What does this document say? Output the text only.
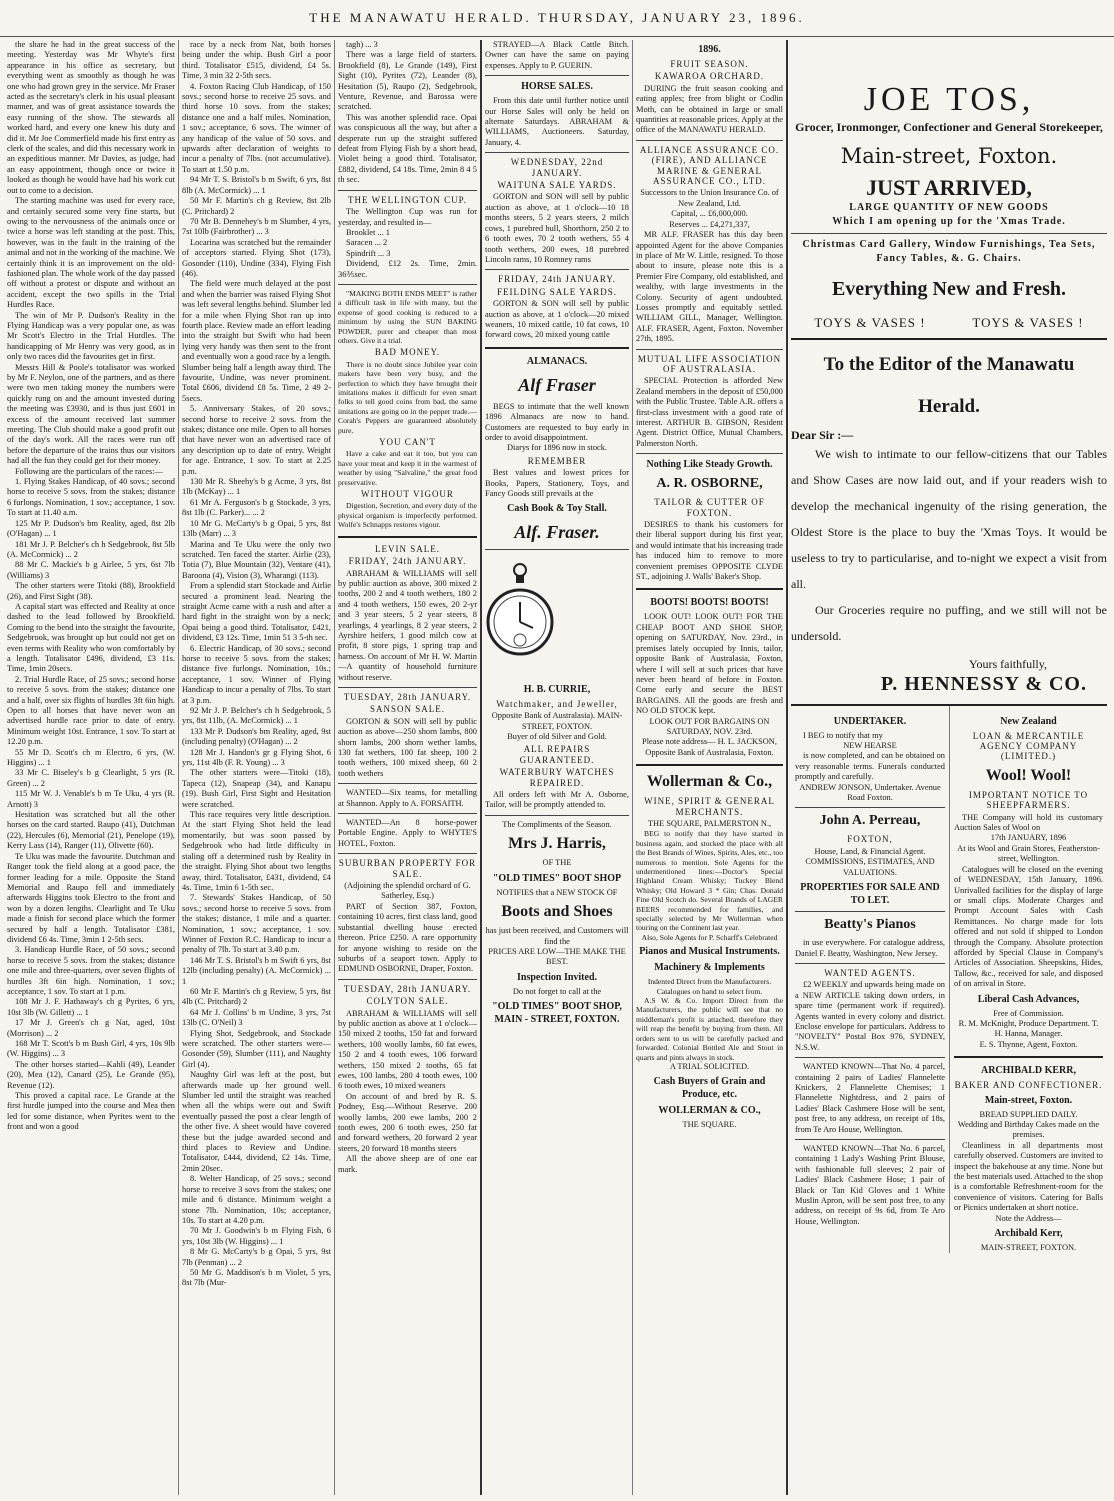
THE MANAWATU HERALD. THURSDAY, JANUARY 23, 1896.

the share he had in the great success of the meeting. Yesterday was Mr Whyte's first appearance in his office as secretary, but everything went as smoothly as though he was one who had grown grey in the service. Mr Fraser acted as the secretary's clerk in his usual pleasant manner, and was of great assistance towards the easy running of the show. The stewards all worked hard, and every one knew his duty and did it. Mr Joe Commerfield made his first entry as clerk of the scales, and did this necessary work in an expeditious manner. Mr Davies, as judge, had an easy appointment, though once or twice it looked as though he would have had his work cut out to come to a decision.

The starting machine was used for every race, and certainly secured some very fine starts, but owing to the nervousness of the animals once or twice a horse was left standing at the post. This, however, was in the fault in the training of the animal and not in the working of the machine. We certainly think it is an improvement on the old-fashioned plan. The whole work of the day passed off without a protest or dispute and without an accident, except the two spills in the Trial Hurdles Race.

The win of Mr P. Dudson's Reality in the Flying Handicap was a very popular one, as was Mr Scott's Electro in the Trial Hurdles. The handicapping of Mr Henry was very good, as in only two races did the favourites get in first.

Messrs Hill & Poole's totalisator was worked by Mr F. Neylon, one of the partners, and as there were two men taking money the numbers were quickly rung on and the amount invested during the meeting was £3930, and is thus just £601 in excess of the amount received last summer meeting. The Club should make a good profit out of the day's work. All the races were run off before the departure of the trains thus our visitors had all the fun they could get for their money.

Following are the particulars of the races:—

1. Flying Stakes Handicap, of 40 sovs.; second horse to receive 5 sovs. from the stakes; distance 6 furlongs. Nomination, 1 sov.; acceptance, 1 sov. To start at 11.40 a.m.

125 Mr P. Dudson's bm Reality, aged, 8st 2lb (O'Hagan) ... 1

181 Mr J. P. Belcher's ch h Sedgebrook, 8st 5lb (A. McCormick) ... 2

88 Mr C. Mackie's b g Airlee, 5 yrs, 6st 7lb (Williams) 3

The other starters were Titoki (88), Brookfield (26), and First Sight (38).

A capital start was effected and Reality at once dashed to the lead followed by Brookfield. Coming to the bend into the straight the favourite, Sedgebrook, was brought up but could not get on even terms with Reality who won comfortably by a length. Totalisator £496, dividend, £3 11s. Time, 1min 20secs.

2. Trial Hurdle Race, of 25 sovs.; second horse to receive 5 sovs. from the stakes; distance one and a half, over six flights of hurdles 3ft 6in high. Open to all horses that have never won an advertised hurdle race prior to date of entry. Minimum weight 10st. Entrance, 1 sov. To start at 12.20 p.m.

55 Mr D. Scott's ch m Electro, 6 yrs, (W. Higgins) ... 1

33 Mr C. Biseley's b g Clearlight, 5 yrs (R. Green) ... 2

115 Mr W. J. Venable's b m Te Uku, 4 yrs (R. Arnott) 3

Hesitation was scratched but all the other horses on the card started. Raupo (41), Dutchman (22), Hercules (6), Memorial (21), Penelope (19), Kerry Lass (14), Ranger (11), Olivette (60).

Te Uku was made the favourite. Dutchman and Ranger took the field along at a good pace, the former leading for a mile. Opposite the Stand Memorial and Raupo fell and immediately afterwards Higgins took Electro to the front and won by a dozen lengths. Clearlight and Te Uku made a finish for second place which the former secured by half a length. Totalisator £381, dividend £6 4s. Time, 3min 1 2-5th secs.

3. Handicap Hurdle Race, of 50 sovs.; second horse to receive 5 sovs. from the stakes; distance one mile and three-quarters, over seven flights of hurdles 3ft 6in high. Nomination, 1 sov.; acceptance, 1 sov. To start at 1 p.m.

108 Mr J. F. Hathaway's ch g Pyrites, 6 yrs, 10st 3lb (W. Gillett) ... 1

17 Mr J. Green's ch g Nat, aged, 10st (Morrison) ... 2

168 Mr T. Scott's b m Bush Girl, 4 yrs, 10s 9lb (W. Higgins) ... 3

The other horses started—Kahli (49), Leander (20), Mea (12), Canard (25), Le Grande (95), Revenue (12).

This proved a capital race. Le Grande at the first hurdle jumped into the course and Mea then led for some distance, when Pyrites went to the front and won a good

race by a neck from Nat, both horses being under the whip. Bush Girl a poor third. Totalisator £515, dividend, £4 5s. Time, 3 min 32 2-5th secs.

4. Foxton Racing Club Handicap, of 150 sovs.; second horse to receive 25 sovs. and third horse 10 sovs. from the stakes; distance one and a half miles. Nomination, 1 sov.; acceptance, 6 sovs. The winner of any handicap of the value of 50 sovs. and upwards after declaration of weights to incur a penalty of 7lbs. (not accumulative). To start at 1.50 p.m.

94 Mr T. S. Bristol's b m Swift, 6 yrs, 8st 8lb (A. McCormick) ... 1

50 Mr F. Martin's ch g Review, 8st 2lb (C. Pritchard) 2

70 Mr B. Dennehey's b m Slumber, 4 yrs, 7st 10lb (Fairbrother) ... 3

Locarina was scratched but the remainder of acceptors started. Flying Shot (173), Gosonder (110), Undine (334), Flying Fish (46).

The field were much delayed at the post and when the barrier was raised Flying Shot was left several lengths behind. Slumber led for a mile when Flying Shot ran up into fourth place. Review made an effort leading into the straight but Swift who had been lying very handy was then sent to the front and eventually won a good race by a length. Slumber being half a length away third. The favourite, Undine, was never prominent. Total £606, dividend £8 5s. Time, 2 49 2-5secs.

5. Anniversary Stakes, of 20 sovs.; second horse to receive 2 sovs. from the stakes; distance one mile. Open to all horses that have never won an advertised race of any description up to date of entry. Weight for age. Entrance, 1 sov. To start at 2.25 p.m.

130 Mr R. Sheehy's b g Acme, 3 yrs, 8st 1lb (McKay) ... 1

61 Mr A. Ferguson's b g Stockade, 3 yrs, 8st 1lb (C. Parker)... ... 2

10 Mr G. McCarty's b g Opai, 5 yrs, 8st 13lb (Marr) ... 3

Marina and Te Uku were the only two scratched. Ten faced the starter. Airlie (23), Totia (7), Blue Mountain (32), Ventare (41), Baroona (4), Vision (3), Wharangi (113).

From a splendid start Stockade and Airlie secured a prominent lead. Nearing the straight Acme came with a rush and after a hard fight in the straight won by a neck; Opai being a good third. Totalisator, £421, dividend, £3 12s. Time, 1min 51 3 5-th sec.

6. Electric Handicap, of 30 sovs.; second horse to receive 5 sovs. from the stakes; distance five furlongs. Nomination, 10s.; acceptance, 1 sov. Winner of Flying Handicap to incur a penalty of 7lbs. To start at 3 p.m.

92 Mr J. P. Belcher's ch h Sedgebrook, 5 yrs, 8st 11lb, (A. McCormick) ... 1

133 Mr P. Dudson's bm Reality, aged, 9st (including penalty) (O'Hagan) ... 2

128 Mr J. Handon's gr g Flying Shot, 6 yrs, 11st 4lb (F. R. Young) ... 3

The other starters were—Titoki (18), Tapeca (12), Snapeap (34), and Kanapu (19). Bush Girl, First Sight and Hesitation were scratched.

This race requires very little description. At the start Flying Shot held the lead momentarily, but was soon passed by Sedgebrook who had little difficulty in staling off a determined rush by Reality in the straight. Flying Shot about two lengths away, third. Totalisator, £431, dividend, £4 4s. Time, 1min 6 1-5th sec.

7. Stewards' Stakes Handicap, of 50 sovs.; second horse to receive 5 sovs. from the stakes; distance, 1 mile and a quarter. Nomination, 1 sov.; acceptance, 1 sov. Winner of Foxton R.C. Handicap to incur a penalty of 7lb. To start at 3.40 p.m.

146 Mr T. S. Bristol's b m Swift 6 yrs, 8st 12lb (including penalty) (A. McCormick) ... 1

60 Mr F. Martin's ch g Review, 5 yrs, 8st 4lb (C. Pritchard) 2

64 Mr J. Collins' b m Undine, 3 yrs, 7st 13lb (C. O'Neil) 3

Flying Shot, Sedgebrook, and Stockade were scratched. The other starters were—Gosonder (59), Slumber (111), and Naughty Girl (4).

Naughty Girl was left at the post, but afterwards made up her ground well. Slumber led until the straight was reached when all the whips were out and Swift eventually passed the post a clear length of the other five. A sheet would have covered these but the judge awarded second and third places to Review and Undine. Totalisator, £444, dividend, £2 14s. Time, 2min 20sec.

8. Welter Handicap, of 25 sovs.; second horse to receive 3 sovs from the stakes; one mile and 6 distance. Minimum weight a stone 7lb. Nomination, 10s; acceptance, 10s. To start at 4.20 p.m.

70 Mr J. Goodwin's b m Flying Fish, 6 yrs, 10st 3lb (W. Higgins) ... 1

8 Mr G. McCarty's b g Opai, 5 yrs, 9st 7lb (Penman) ... 2

50 Mr G. Maddison's b m Violet, 5 yrs, 8st 7lb (Mur-

tagh) ... 3

There was a large field of starters. Brookfield (8), Le Grande (149), First Sight (10), Pyrites (72), Leander (8), Hesitation (5), Raupo (2), Sedgebrook, Venture, Revenue, and Barossa were scratched.

This was another splendid race. Opai was conspicuous all the way, but after a desperate run up the straight suffered defeat from Flying Fish by a short head, Violet being a good third. Totalisator, £882, dividend, £4 18s. Time, 2min 8 4 5 th sec.

THE WELLINGTON CUP.

The Wellington Cup was run for yesterday, and resulted in—

Brooklet ... 1

Saracen ... 2

Spindrift ... 3

Dividend, £12 2s. Time, 2min. 36⅗sec.

"MAKING BOTH ENDS MEET" is rather a difficult task in life with many, but the expense of good cooking is reduced to a minimum by using the SUN BAKING POWDER, purer and cheaper than most others. Give it a trial.

BAD MONEY.

There is no doubt since Jubilee year coin makers have been very busy, and the perfection to which they have brought their imitations makes it difficult for even smart folks to tell good coins from bad, the same imitations are going on in the pepper trade.—Corah's Peppers are guaranteed absolutely pure.

YOU CAN'T

Have a cake and eat it too, but you can have your meat and keep it in the warmest of weather by using "Salvaline," the great food preservative.

WITHOUT VIGOUR

Digestion, Secretion, and every duty of the physical organism is imperfectly performed. Wolfe's Schnapps restores vigour.

LEVIN SALE.
FRIDAY, 24th JANUARY.

ABRAHAM & WILLIAMS will sell by public auction as above, 300 mixed 2 tooths, 200 2 and 4 tooth wethers, 180 2 and 4 tooth wethers, 150 ewes, 20 2-yr and 3 year steers, 5 2 year steers, 8 yearlings, 4 yearlings, 8 2 year steers, 2 Ayrshire heifers, 1 good milch cow at profit, 8 store pigs, 1 spring trap and harness. On account of Mr H. W. Martin—A quantity of household furniture without reserve.

TUESDAY, 28th JANUARY.
SANSON SALE.

GORTON & SON will sell by public auction as above—250 shorn lambs, 800 shorn lambs, 200 shorn wether lambs, 130 fat wethers, 100 fat sheep, 100 2 tooth wethers, 100 mixed sheep, 60 2 tooth wethers

WANTED—Six teams, for metalling at Shannon. Apply to A. FORSAITH.

WANTED—An 8 horse-power Portable Engine. Apply to WHYTE'S HOTEL, Foxton.

SUBURBAN PROPERTY FOR SALE.

(Adjoining the splendid orchard of G. Satherley, Esq.)

PART of Section 387, Foxton, containing 10 acres, first class land, good substantial dwelling house erected thereon. Price £250. A rare opportunity for anyone wishing to reside on the suburbs of a seaport town. Apply to EDMUND OSBORNE, Draper, Foxton.

TUESDAY, 28th JANUARY.
COLYTON SALE.

ABRAHAM & WILLIAMS will sell by public auction as above at 1 o'clock—150 mixed 2 tooths, 150 fat and forward wethers, 100 woolly lambs, 60 fat ewes, 150 2 and 4 tooth ewes, 106 forward wethers, 150 mixed 2 tooths, 65 fat ewes, 100 lambs, 280 4 tooth ewes, 100 6 tooth ewes, 10 mixed weaners

On account of and bred by R. S. Podney, Esq.—Without Reserve. 200 woolly lambs, 200 ewe lambs, 200 2 tooth ewes, 200 6 tooth ewes, 250 fat and forward wethers, 20 forward 2 year steers, 20 forward 18 months steers

All the above sheep are of one ear mark.

STRAYED—A Black Cattle Bitch. Owner can have the same on paying expenses. Apply to P. GUERIN.

HORSE SALES.

From this date until further notice until our Horse Sales will only be held on alternate Saturdays. ABRAHAM & WILLIAMS, Auctioneers. Saturday, January, 4.

WEDNESDAY, 22nd JANUARY.
WAITUNA SALE YARDS.

GORTON and SON will sell by public auction as above, at 1 o'clock—10 18 months steers, 5 2 years steers, 2 milch cows, 1 purebred bull, Shorthorn, 250 2 to 6 tooth ewes, 70 2 tooth wethers, 55 4 tooth wethers, 200 ewes, 18 purebred Lincoln rams, 10 Romney rams

FRIDAY, 24th JANUARY.
FEILDING SALE YARDS.

GORTON & SON will sell by public auction as above, at 1 o'clock—20 mixed weaners, 10 mixed cattle, 10 fat cows, 10 forward cows, 20 mixed young cattle

ALMANACS.
Alf Fraser

BEGS to intimate that the well known 1896 Almanacs are now to hand. Customers are requested to buy early in order to avoid disappointment.

Diarys for 1896 now in stock.

REMEMBER

Best values and lowest prices for Books, Papers, Stationery, Toys, and Fancy Goods still prevails at the

Cash Book & Toy Stall.
Alf. Fraser.
H. B. CURRIE,
Watchmaker, and Jeweller,

Opposite Bank of Australasia). MAIN-STREET, FOXTON.

Buyer of old Silver and Gold.

ALL REPAIRS GUARANTEED.
WATERBURY WATCHES REPAIRED.

All orders left with Mr A. Osborne, Tailor, will be promptly attended to.

The Compliments of the Season.

Mrs J. Harris,

OF THE

"OLD TIMES" BOOT SHOP

NOTIFIES that a NEW STOCK OF

Boots and Shoes

has just been received, and Customers will find the

PRICES ARE LOW—THE MAKE THE BEST.

Inspection Invited.

Do not forget to call at the

"OLD TIMES" BOOT SHOP, MAIN - STREET, FOXTON.
1896.
FRUIT SEASON.
KAWAROA ORCHARD.

DURING the fruit season cooking and eating apples; free from blight or Codlin Moth, can be obtained in large or small quantities at reasonable prices. Apply at the office of the MANAWATU HERALD.

ALLIANCE ASSURANCE CO. (FIRE), AND ALLIANCE MARINE & GENERAL ASSURANCE CO., LTD.

Successors to the Union Insurance Co. of New Zealand, Ltd.

Capital, ... £6,000,000.

Reserves ... £4,271,337,

MR ALF. FRASER has this day been appointed Agent for the above Companies in place of Mr W. Little, resigned. To those about to insure, please note this is a Premier Fire Company, old established, and wealthy, with large investments in the Colony. Security of agent undoubted. Losses promptly and equitably settled. WILLIAM GILL, Manager, Wellington. ALF. FRASER, Agent, Foxton. November 27th, 1895.

MUTUAL LIFE ASSOCIATION OF AUSTRALASIA.

SPECIAL Protection is afforded New Zealand members in the deposit of £50,000 with the Public Trustee. Table A.R. offers a first-class investment with a good rate of interest. ARTHUR B. GIBSON, Resident Agent. District Office, Mutual Chambers, Palmerston North.

Nothing Like Steady Growth.
A. R. OSBORNE,
TAILOR & CUTTER OF FOXTON.

DESIRES to thank his customers for their liberal support during his first year, and would intimate that his increasing trade has induced him to remove to more convenient premises OPPOSITE CLYDE ST., adjoining J. Walls' Baker's Shop.

BOOTS! BOOTS! BOOTS!

LOOK OUT! LOOK OUT! FOR THE CHEAP BOOT AND SHOE SHOP, opening on SATURDAY, Nov. 23rd., in premises lately occupied by Innis, tailor, opposite Bank of Australasia, Foxton, where I will sell at such prices that have never been heard of before in Foxton. Come early and secure the BEST BARGAINS. All the goods are fresh and NO OLD STOCK kept.

LOOK OUT FOR BARGAINS ON SATURDAY, NOV. 23rd.

Please note address— H. L. JACKSON, Opposite Bank of Australasia, Foxton.

Wollerman & Co.,
WINE, SPIRIT & GENERAL MERCHANTS.

THE SQUARE, PALMERSTON N.,

BEG to notify that they have started in business again, and stocked the place with all the Best Brands of Wines, Spirits, Ales, etc., too numerous to mention. Sole Agents for the undermentioned lines:—Doctor's Special Highland Cream Whisky; Tuckey Blend Whisky; Old Howard 3 * Gin; Chas. Donald Fine Old Scotch do. Several Brands of LAGER BEERS recommended for families, and specially selected by Mr Wollerman when touring on the Continent last year.

Also, Sole Agents for P. Scharff's Celebrated

Pianos and Musical Instruments.
Machinery & Implements

Indented Direct from the Manufacturers. Catalogues on hand to select from.

A.S W. & Co. Import Direct from the Manufacturers, the public will see that no middleman's profit is attached, therefore they will reap the benefit by buying from them. All orders sent to us will be carefully packed and forwarded. Colonial Bottled Ale and Stout in quarts and pints always in stock.

A TRIAL SOLICITED.

Cash Buyers of Grain and Produce, etc.
WOLLERMAN & CO.,

THE SQUARE.

JOE TOS,
Grocer, Ironmonger, Confectioner and General Storekeeper,
Main-street, Foxton.
JUST ARRIVED,
LARGE QUANTITY OF NEW GOODS
Which I am opening up for the 'Xmas Trade.
Christmas Card Gallery, Window Furnishings, Tea Sets, Fancy Tables, &. G. Chairs.
Everything New and Fresh.
TOYS & VASES !	TOYS & VASES !
To the Editor of the Manawatu
Herald.
Dear Sir :—

We wish to intimate to our fellow-citizens that our Tables and Show Cases are now laid out, and if your readers wish to develop the mechanical ingenuity of the rising generation, the Oldest Store is the place to buy the 'Xmas Toys. It would be useless to try to particularise, and to-night we expect a visit from all.

Our Groceries require no puffing, and we still will not be undersold.

Yours faithfully,
P. HENNESSY & CO.
UNDERTAKER.

I BEG to notify that my

NEW HEARSE

is now completed, and can be obtained on very reasonable terms. Funerals conducted promptly and carefully.

ANDREW JONSON, Undertaker. Avenue Road Foxton.

John A. Perreau,
FOXTON,

House, Land, & Financial Agent.

COMMISSIONS, ESTIMATES, AND VALUATIONS.

PROPERTIES FOR SALE AND TO LET.
Beatty's Pianos

in use everywhere. For catalogue address, Daniel F. Beatty, Washington, New Jersey.

WANTED AGENTS.

£2 WEEKLY and upwards being made on a NEW ARTICLE taking down orders, in spare time (permanent work if required). Agents wanted in every colony and district. Enclose envelope for particulars. Address to "NOVELTY" Postal Box 976, SYDNEY, N.S.W.

WANTED KNOWN—That No. 4 parcel, containing 2 pairs of Ladies' Flannelette Knickers, 2 Flannelette Chemises; 1 Flannelette Nightdress, and 2 pairs of Ladies' Black Cashmere Hose will be sent, post free, to any address, on receipt of 18s, from Te Aro House, Wellington.

WANTED KNOWN—That No. 6 parcel, containing 1 Lady's Washing Print Blouse, with fashionable full sleeves; 2 pair of Ladies' Black Cashmere Hose; 1 pair of Black or Tan Kid Gloves and 1 White Muslin Apron, will be sent post free, to any address, on receipt of 9s 6d, from Te Aro House, Wellington.

New Zealand
LOAN & MERCANTILE AGENCY COMPANY (LIMITED.)
Wool! Wool!
IMPORTANT NOTICE TO SHEEPFARMERS.

THE Company will hold its customary Auction Sales of Wool on

17th JANUARY, 1896

At its Wool and Grain Stores, Featherston-street, Wellington.

Catalogues will be closed on the evening of WEDNESDAY, 15th January, 1896. Unrivalled facilities for the display of large or small clips. Moderate Charges and Prompt Account Sales with Cash Remittances. No charge made for lots offered and not sold if shipped to London through the Company. Absolute protection afforded by Special Clause in Company's Articles of Association. Sheepskins, Hides, Tallow, &c., received for sale, and disposed of on arrival in Store.

Liberal Cash Advances,

Free of Commission.

R. M. McKnight, Produce Department. T. H. Hanna, Manager.

E. S. Thynne, Agent, Foxton.

ARCHIBALD KERR,
BAKER AND CONFECTIONER.
Main-street, Foxton.

BREAD SUPPLIED DAILY.

Wedding and Birthday Cakes made on the premises.

Cleanliness in all departments most carefully observed. Customers are invited to inspect the bakehouse at any time. None but the best materials used. Attached to the shop is a comfortable Refreshment-room for the convenience of visitors. Catering for Balls or Picnics undertaken at short notice.

Note the Address—

Archibald Kerr,

MAIN-STREET, FOXTON.
